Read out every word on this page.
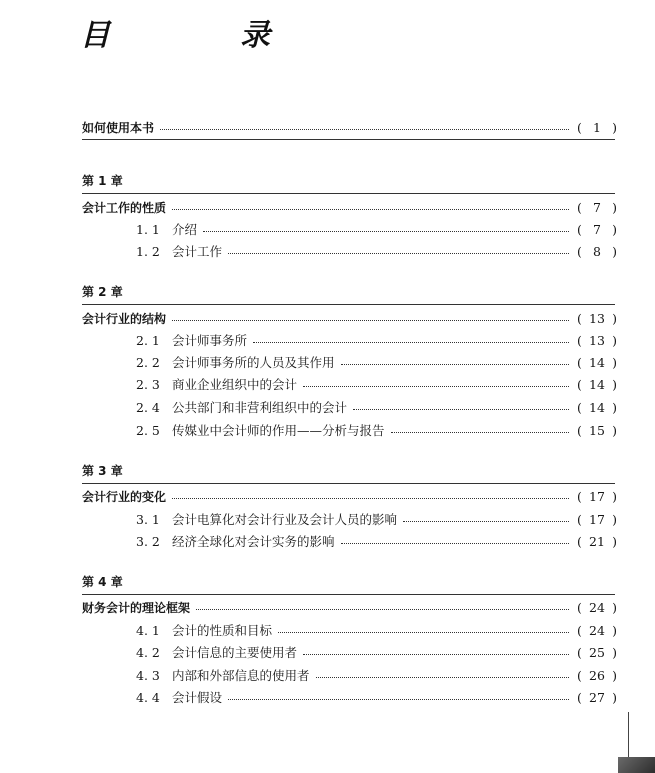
目　录
如何使用本书	( 1 )
第 1 章
会计工作的性质	( 7 )
1. 1 介绍	( 7 )
1. 2 会计工作	( 8 )
第 2 章
会计行业的结构	( 13 )
2. 1 会计师事务所	( 13 )
2. 2 会计师事务所的人员及其作用	( 14 )
2. 3 商业企业组织中的会计	( 14 )
2. 4 公共部门和非营利组织中的会计	( 14 )
2. 5 传媒业中会计师的作用——分析与报告	( 15 )
第 3 章
会计行业的变化	( 17 )
3. 1 会计电算化对会计行业及会计人员的影响	( 17 )
3. 2 经济全球化对会计实务的影响	( 21 )
第 4 章
财务会计的理论框架	( 24 )
4. 1 会计的性质和目标	( 24 )
4. 2 会计信息的主要使用者	( 25 )
4. 3 内部和外部信息的使用者	( 26 )
4. 4 会计假设	( 27 )
